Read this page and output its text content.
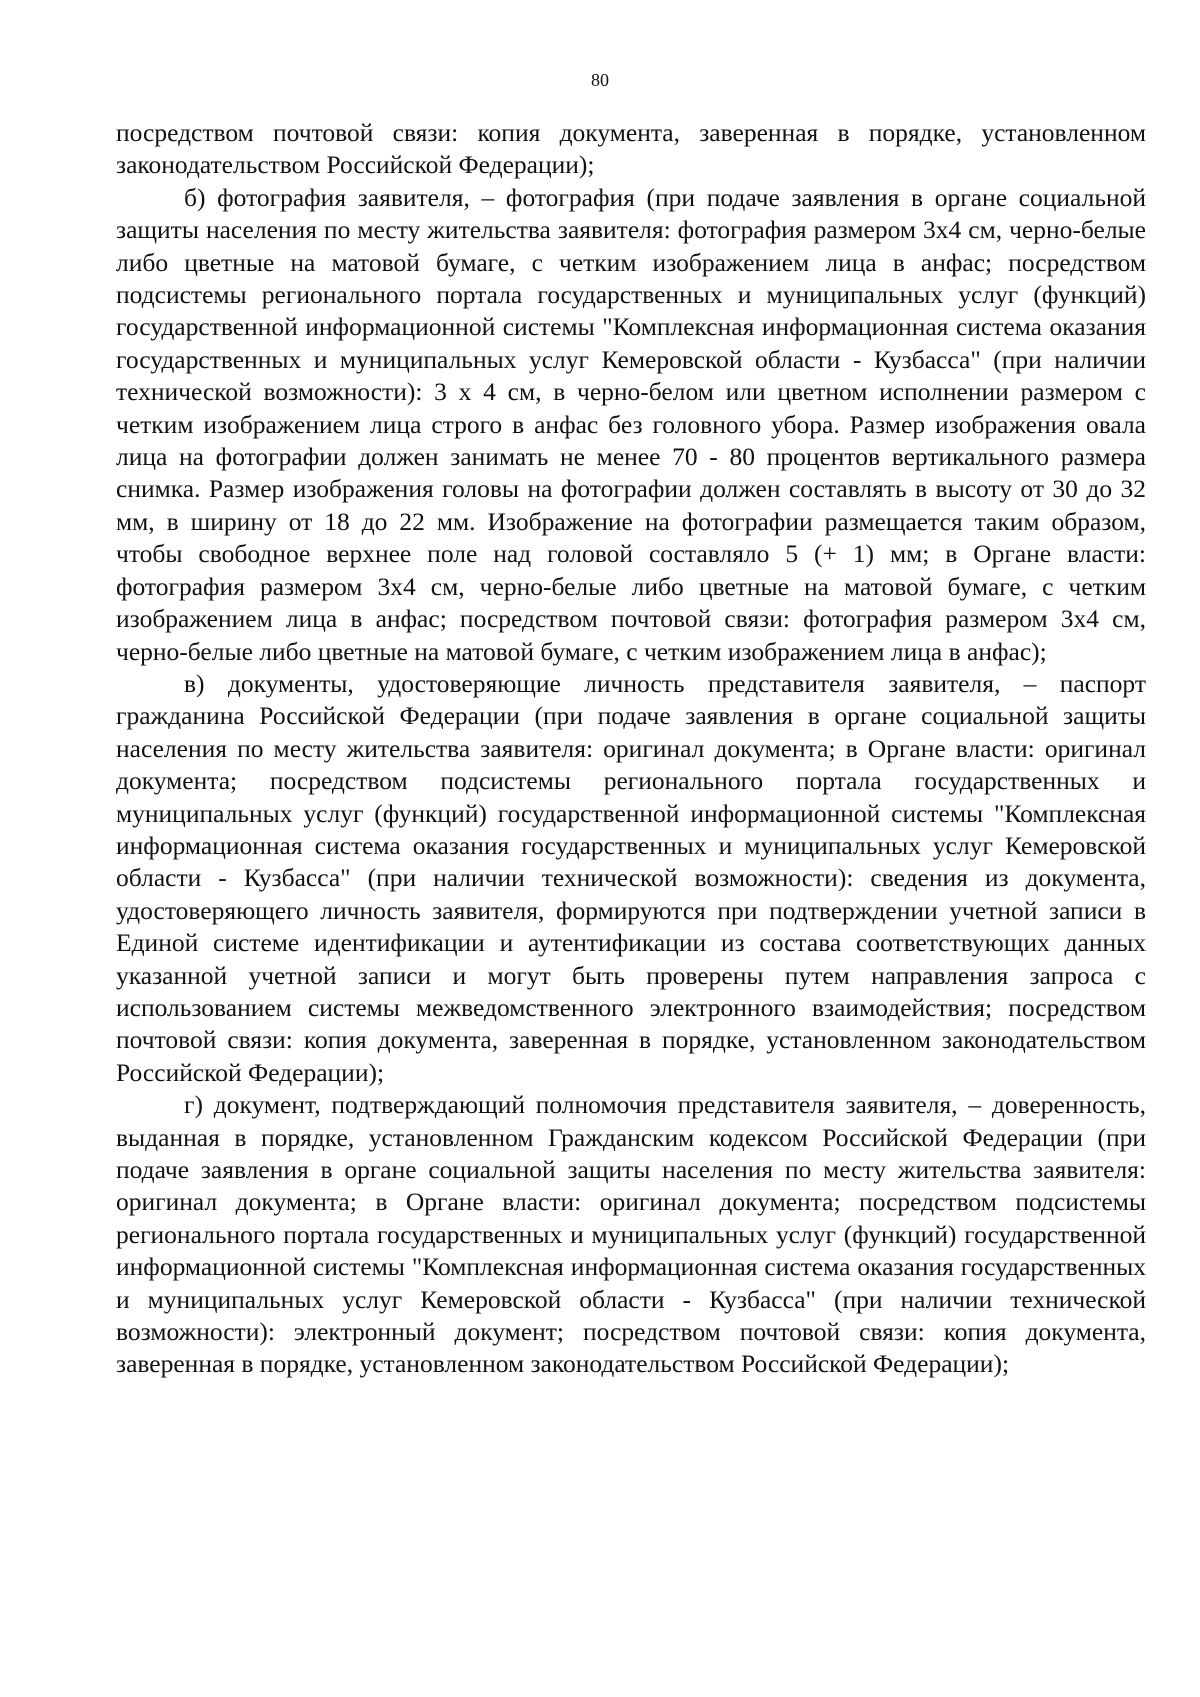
80

посредством почтовой связи: копия документа, заверенная в порядке, установленном законодательством Российской Федерации);

б) фотография заявителя, – фотография (при подаче заявления в органе социальной защиты населения по месту жительства заявителя: фотография размером 3х4 см, черно-белые либо цветные на матовой бумаге, с четким изображением лица в анфас; посредством подсистемы регионального портала государственных и муниципальных услуг (функций) государственной информационной системы "Комплексная информационная система оказания государственных и муниципальных услуг Кемеровской области - Кузбасса" (при наличии технической возможности): 3 х 4 см, в черно-белом или цветном исполнении размером с четким изображением лица строго в анфас без головного убора. Размер изображения овала лица на фотографии должен занимать не менее 70 - 80 процентов вертикального размера снимка. Размер изображения головы на фотографии должен составлять в высоту от 30 до 32 мм, в ширину от 18 до 22 мм. Изображение на фотографии размещается таким образом, чтобы свободное верхнее поле над головой составляло 5 (+ 1) мм; в Органе власти: фотография размером 3х4 см, черно-белые либо цветные на матовой бумаге, с четким изображением лица в анфас; посредством почтовой связи: фотография размером 3х4 см, черно-белые либо цветные на матовой бумаге, с четким изображением лица в анфас);

в) документы, удостоверяющие личность представителя заявителя, – паспорт гражданина Российской Федерации (при подаче заявления в органе социальной защиты населения по месту жительства заявителя: оригинал документа; в Органе власти: оригинал документа; посредством подсистемы регионального портала государственных и муниципальных услуг (функций) государственной информационной системы "Комплексная информационная система оказания государственных и муниципальных услуг Кемеровской области - Кузбасса" (при наличии технической возможности): сведения из документа, удостоверяющего личность заявителя, формируются при подтверждении учетной записи в Единой системе идентификации и аутентификации из состава соответствующих данных указанной учетной записи и могут быть проверены путем направления запроса с использованием системы межведомственного электронного взаимодействия; посредством почтовой связи: копия документа, заверенная в порядке, установленном законодательством Российской Федерации);

г) документ, подтверждающий полномочия представителя заявителя, – доверенность, выданная в порядке, установленном Гражданским кодексом Российской Федерации (при подаче заявления в органе социальной защиты населения по месту жительства заявителя: оригинал документа; в Органе власти: оригинал документа; посредством подсистемы регионального портала государственных и муниципальных услуг (функций) государственной информационной системы "Комплексная информационная система оказания государственных и муниципальных услуг Кемеровской области - Кузбасса" (при наличии технической возможности): электронный документ; посредством почтовой связи: копия документа, заверенная в порядке, установленном законодательством Российской Федерации);
